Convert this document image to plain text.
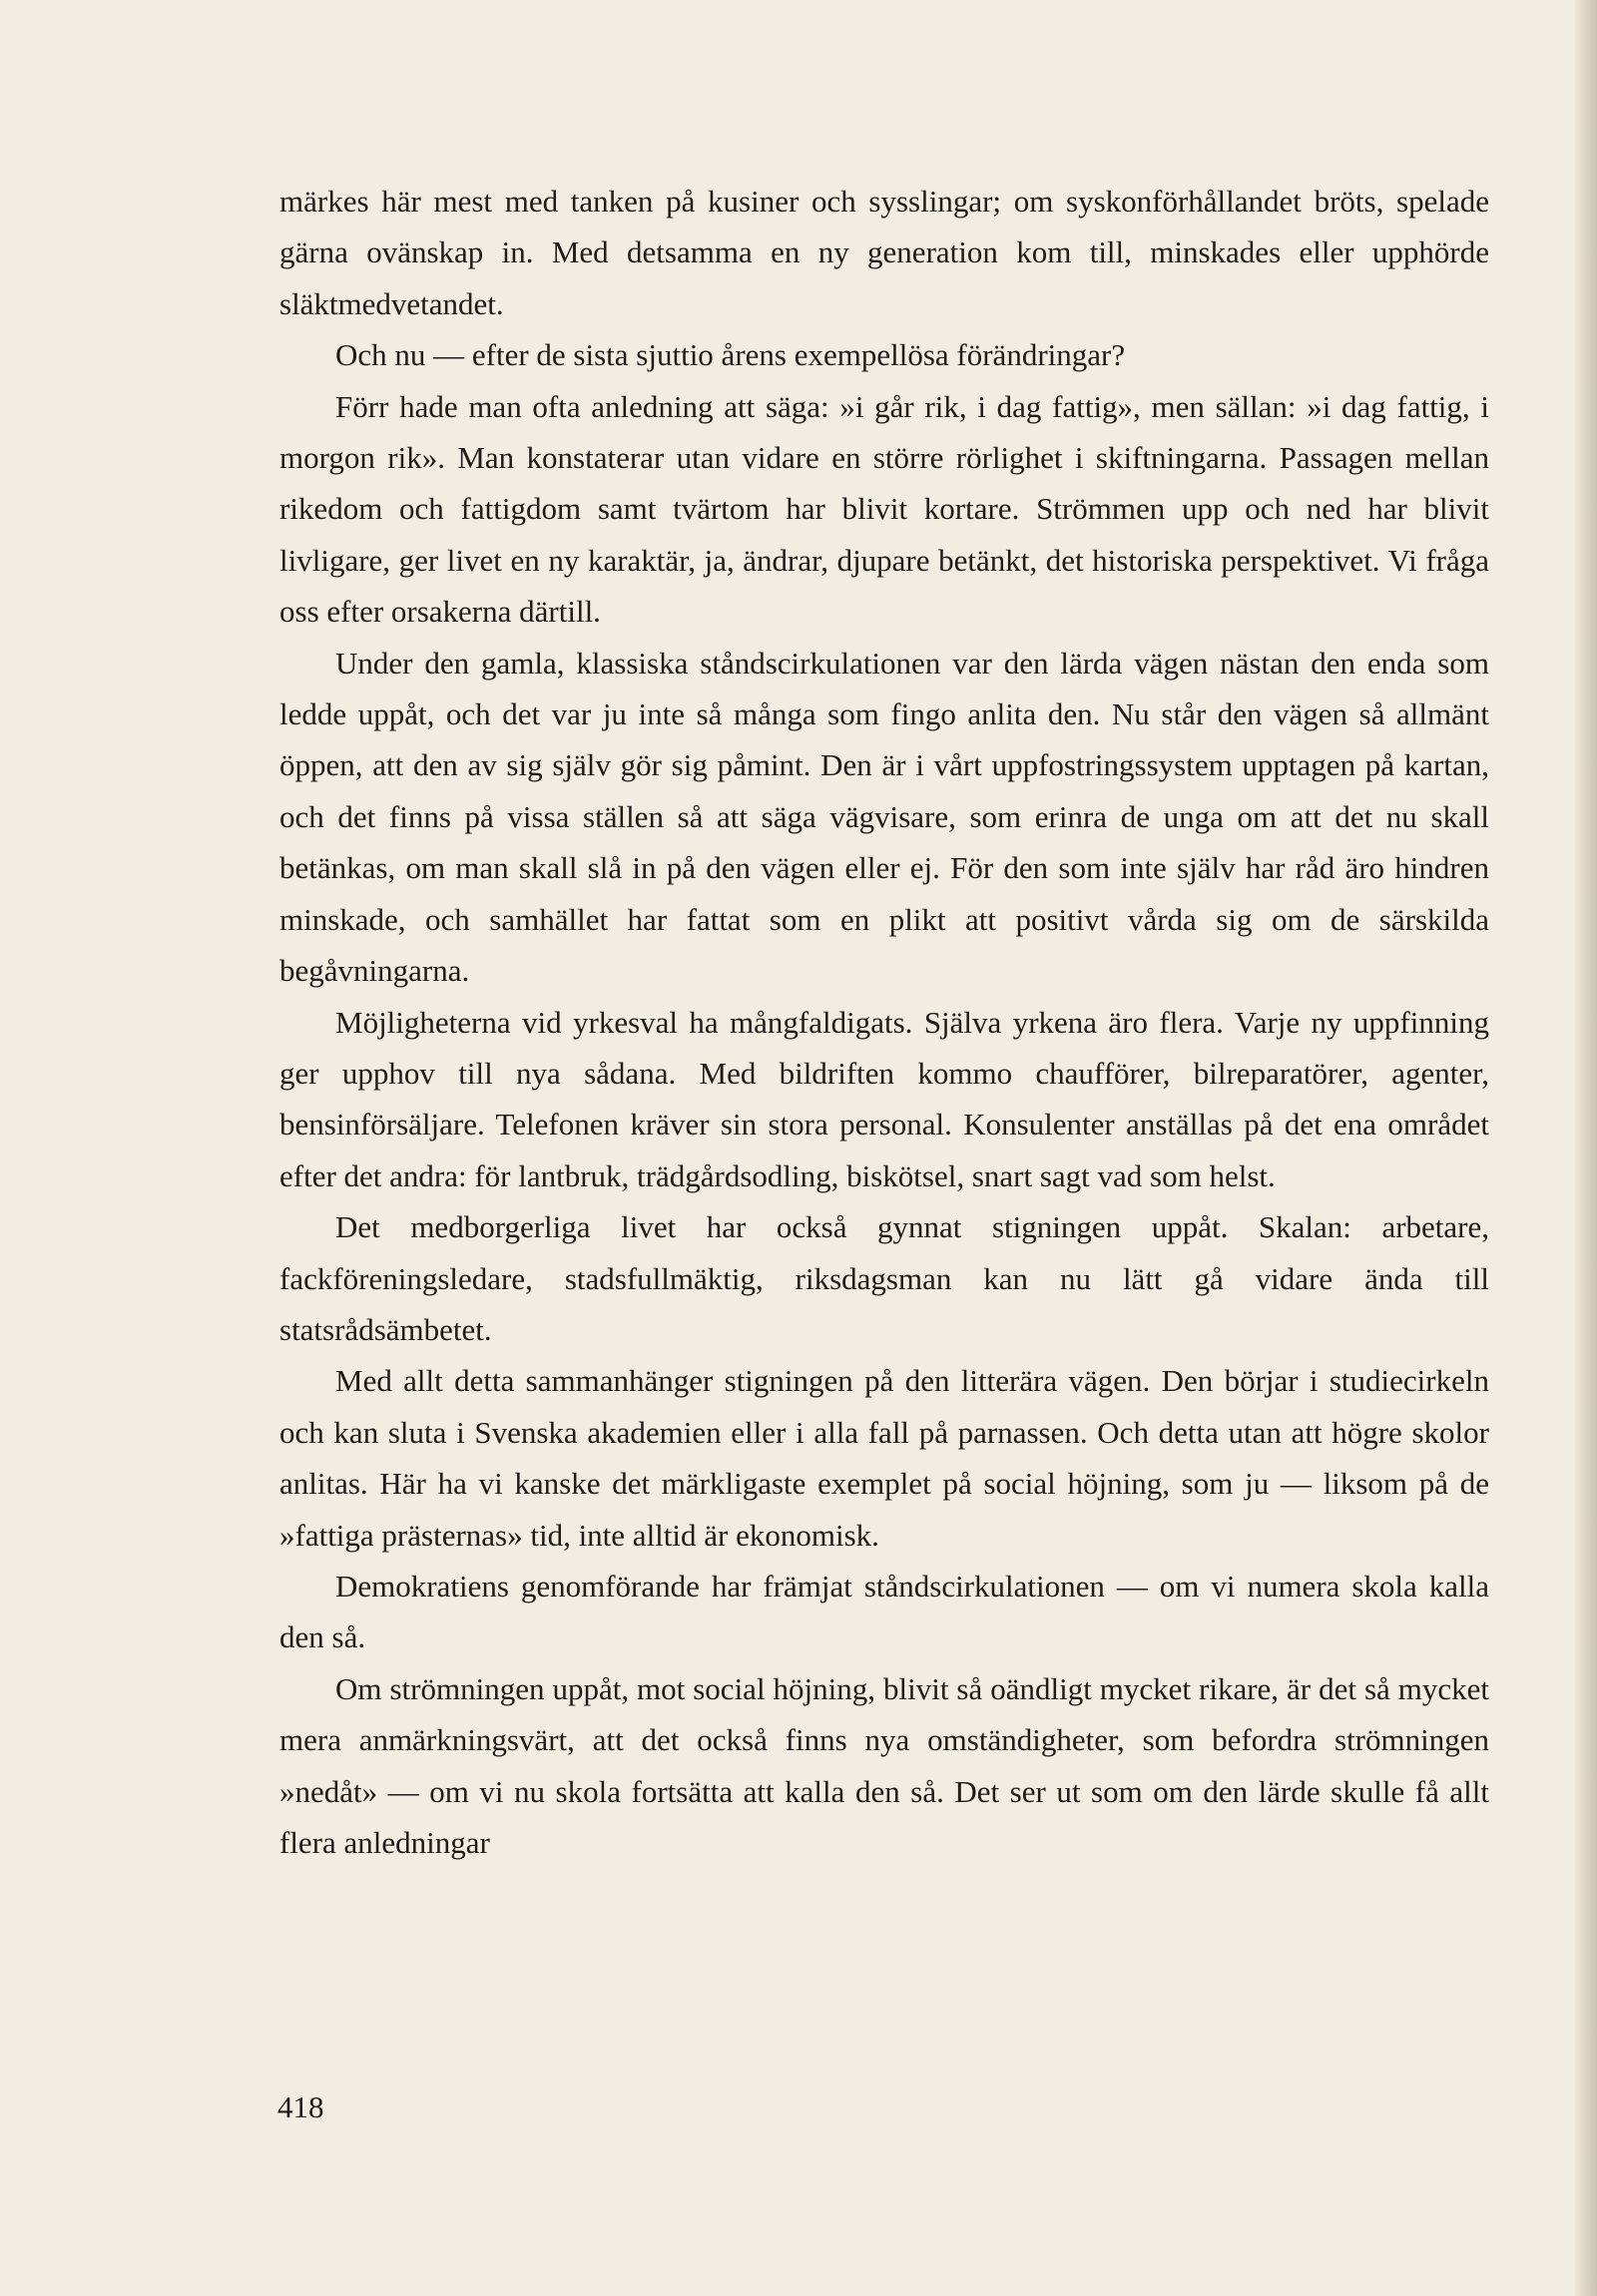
märkes här mest med tanken på kusiner och sysslingar; om syskonförhållandet bröts, spelade gärna ovänskap in. Med detsamma en ny generation kom till, minskades eller upphörde släktmedvetandet.

Och nu — efter de sista sjuttio årens exempellösa förändringar?

Förr hade man ofta anledning att säga: »i går rik, i dag fattig», men sällan: »i dag fattig, i morgon rik». Man konstaterar utan vidare en större rörlighet i skiftningarna. Passagen mellan rikedom och fattigdom samt tvärtom har blivit kortare. Strömmen upp och ned har blivit livligare, ger livet en ny karaktär, ja, ändrar, djupare betänkt, det historiska perspektivet. Vi fråga oss efter orsakerna därtill.

Under den gamla, klassiska ståndscirkulationen var den lärda vägen nästan den enda som ledde uppåt, och det var ju inte så många som fingo anlita den. Nu står den vägen så allmänt öppen, att den av sig själv gör sig påmint. Den är i vårt uppfostringssystem upptagen på kartan, och det finns på vissa ställen så att säga vägvisare, som erinra de unga om att det nu skall betänkas, om man skall slå in på den vägen eller ej. För den som inte själv har råd äro hindren minskade, och samhället har fattat som en plikt att positivt vårda sig om de särskilda begåvningarna.

Möjligheterna vid yrkesval ha mångfaldigats. Själva yrkena äro flera. Varje ny uppfinning ger upphov till nya sådana. Med bildriften kommo chaufförer, bilreparatörer, agenter, bensinförsäljare. Telefonen kräver sin stora personal. Konsulenter anställas på det ena området efter det andra: för lantbruk, trädgårdsodling, biskötsel, snart sagt vad som helst.

Det medborgerliga livet har också gynnat stigningen uppåt. Skalan: arbetare, fackföreningsledare, stadsfullmäktig, riksdagsman kan nu lätt gå vidare ända till statsrådsämbetet.

Med allt detta sammanhänger stigningen på den litterära vägen. Den börjar i studiecirkeln och kan sluta i Svenska akademien eller i alla fall på parnassen. Och detta utan att högre skolor anlitas. Här ha vi kanske det märkligaste exemplet på social höjning, som ju — liksom på de »fattiga prästernas» tid, inte alltid är ekonomisk.

Demokratiens genomförande har främjat ståndscirkulationen — om vi numera skola kalla den så.

Om strömningen uppåt, mot social höjning, blivit så oändligt mycket rikare, är det så mycket mera anmärkningsvärt, att det också finns nya omständigheter, som befordra strömningen »nedåt» — om vi nu skola fortsätta att kalla den så. Det ser ut som om den lärde skulle få allt flera anledningar

418
